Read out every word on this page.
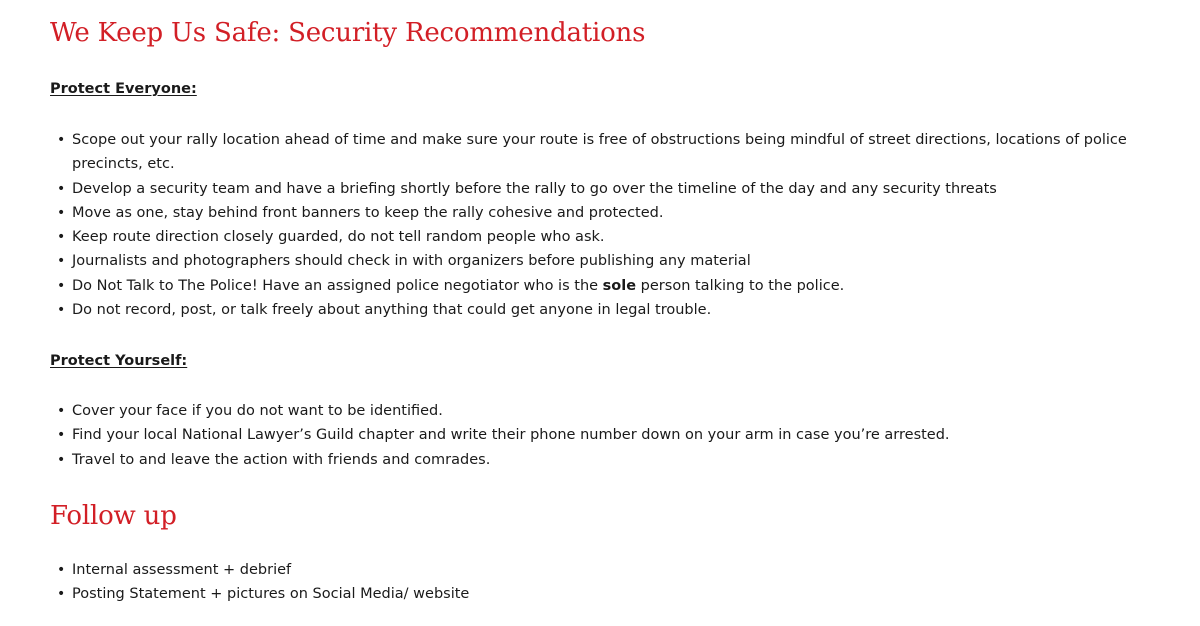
We Keep Us Safe: Security Recommendations
Protect Everyone:
• Scope out your rally location ahead of time and make sure your route is free of obstructions being mindful of street directions, locations of police precincts, etc.
• Develop a security team and have a briefing shortly before the rally to go over the timeline of the day and any security threats
• Move as one, stay behind front banners to keep the rally cohesive and protected.
• Keep route direction closely guarded, do not tell random people who ask.
• Journalists and photographers should check in with organizers before publishing any material
• Do Not Talk to The Police! Have an assigned police negotiator who is the sole person talking to the police.
• Do not record, post, or talk freely about anything that could get anyone in legal trouble.
Protect Yourself:
• Cover your face if you do not want to be identified.
• Find your local National Lawyer’s Guild chapter and write their phone number down on your arm in case you’re arrested.
• Travel to and leave the action with friends and comrades.
Follow up
• Internal assessment + debrief
• Posting Statement + pictures on Social Media/ website
